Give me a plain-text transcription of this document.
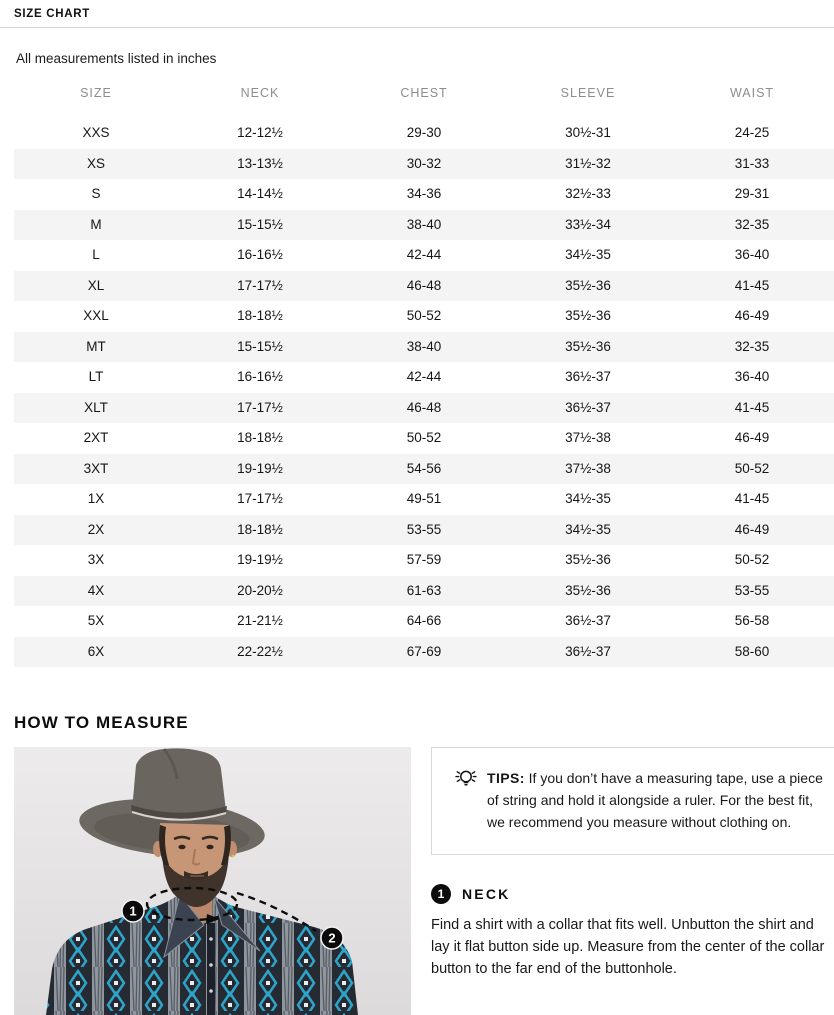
SIZE CHART
All measurements listed in inches
SIZE	NECK	CHEST	SLEEVE	WAIST
XXS	12-12½	29-30	30½-31	24-25
XS	13-13½	30-32	31½-32	31-33
S	14-14½	34-36	32½-33	29-31
M	15-15½	38-40	33½-34	32-35
L	16-16½	42-44	34½-35	36-40
XL	17-17½	46-48	35½-36	41-45
XXL	18-18½	50-52	35½-36	46-49
MT	15-15½	38-40	35½-36	32-35
LT	16-16½	42-44	36½-37	36-40
XLT	17-17½	46-48	36½-37	41-45
2XT	18-18½	50-52	37½-38	46-49
3XT	19-19½	54-56	37½-38	50-52
1X	17-17½	49-51	34½-35	41-45
2X	18-18½	53-55	34½-35	46-49
3X	19-19½	57-59	35½-36	50-52
4X	20-20½	61-63	35½-36	53-55
5X	21-21½	64-66	36½-37	56-58
6X	22-22½	67-69	36½-37	58-60
HOW TO MEASURE
1
2

TIPS: If you don’t have a measuring tape, use a piece of string and hold it alongside a ruler. For the best fit, we recommend you measure without clothing on.

1	NECK

Find a shirt with a collar that fits well. Unbutton the shirt and lay it flat button side up. Measure from the center of the collar button to the far end of the buttonhole.
